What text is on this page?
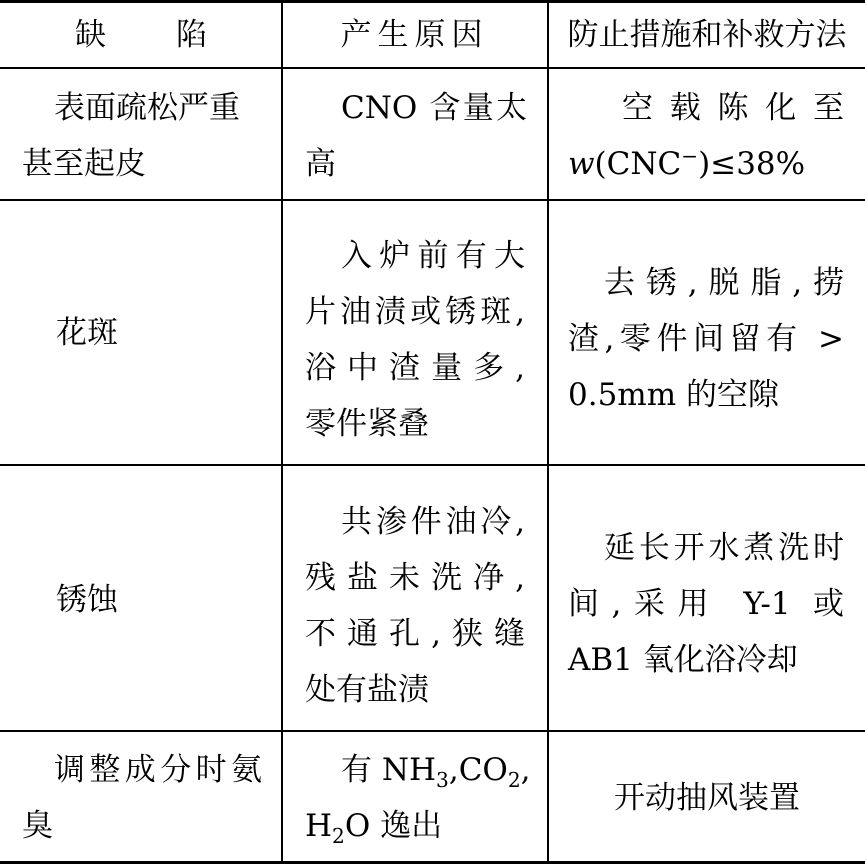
缺陷	产生原因	防止措施和补救方法
表面疏松严重
甚至起皮
CNO 含量太
高
空载陈化至
w(CNC−)≤38%
花斑
入炉前有大
片油渍或锈斑,
浴中渣量多,
零件紧叠
去锈,脱脂,捞
渣,零件间留有 >
0.5mm 的空隙
锈蚀
共渗件油冷,
残盐未洗净,
不通孔,狭缝
处有盐渍
延长开水煮洗时
间,采用 Y-1 或
AB1 氧化浴冷却
调整成分时氨
臭
有 $NH_3,CO_2$,
$H_2O$ 逸出
开动抽风装置
